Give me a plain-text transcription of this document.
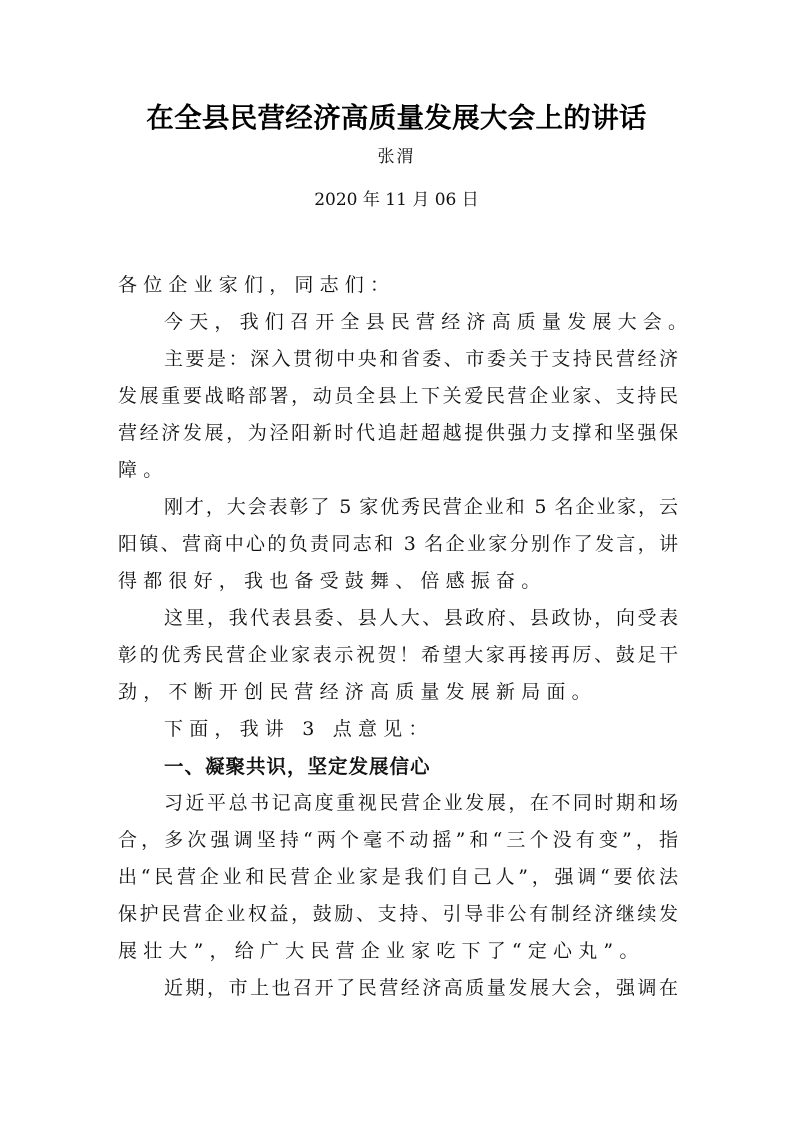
在全县民营经济高质量发展大会上的讲话
张渭
2020 年 11 月 06 日
各位企业家们，同志们：
今天，我们召开全县民营经济高质量发展大会。
主要是：深入贯彻中央和省委、市委关于支持民营经济
发展重要战略部署，动员全县上下关爱民营企业家、支持民
营经济发展，为泾阳新时代追赶超越提供强力支撑和坚强保
障。
刚才，大会表彰了 5 家优秀民营企业和 5 名企业家，云
阳镇、营商中心的负责同志和 3 名企业家分别作了发言，讲
得都很好，我也备受鼓舞、倍感振奋。
这里，我代表县委、县人大、县政府、县政协，向受表
彰的优秀民营企业家表示祝贺！希望大家再接再厉、鼓足干
劲，不断开创民营经济高质量发展新局面。
下面，我讲 3 点意见：
一、凝聚共识，坚定发展信心
习近平总书记高度重视民营企业发展，在不同时期和场
合，多次强调坚持“两个毫不动摇”和“三个没有变”，指
出“民营企业和民营企业家是我们自己人”，强调“要依法
保护民营企业权益，鼓励、支持、引导非公有制经济继续发
展壮大”，给广大民营企业家吃下了“定心丸”。
近期，市上也召开了民营经济高质量发展大会，强调在
